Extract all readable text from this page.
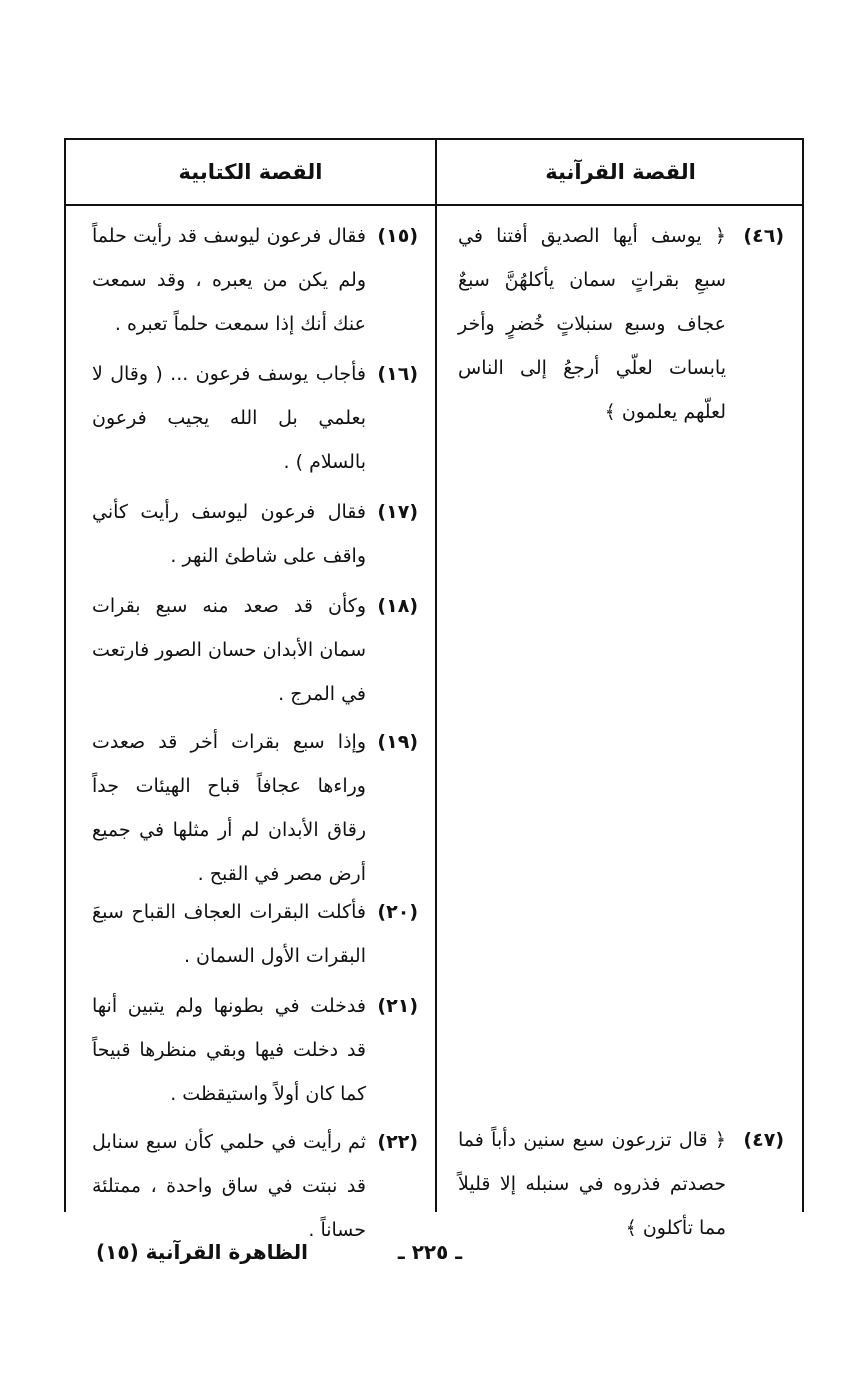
القصة القرآنية
القصة الكتابية
(٤٦)
﴿ يوسف أيها الصديق أفتنا في سبعِ بقراتٍ سمان يأكلهُنَّ سبعٌ عجاف وسبع سنبلاتٍ خُضرٍ وأخر يابسات لعلّي أرجعُ إلى الناس لعلّهم يعلمون ﴾
(٤٧)
﴿ قال تزرعون سبع سنين دأباً فما حصدتم فذروه في سنبله إلا قليلاً مما تأكلون ﴾
(١٥)
فقال فرعون ليوسف قد رأيت حلماً ولم يكن من يعبره ، وقد سمعت عنك أنك إذا سمعت حلماً تعبره .
(١٦)
فأجاب يوسف فرعون ... ( وقال لا بعلمي بل الله يجيب فرعون بالسلام ) .
(١٧)
فقال فرعون ليوسف رأيت كأني واقف على شاطئ النهر .
(١٨)
وكأن قد صعد منه سبع بقرات سمان الأبدان حسان الصور فارتعت في المرج .
(١٩)
وإذا سبع بقرات أخر قد صعدت وراءها عجافاً قباح الهيئات جداً رقاق الأبدان لم أر مثلها في جميع أرض مصر في القبح .
(٢٠)
فأكلت البقرات العجاف القباح سبعَ البقرات الأول السمان .
(٢١)
فدخلت في بطونها ولم يتبين أنها قد دخلت فيها وبقي منظرها قبيحاً كما كان أولاً واستيقظت .
(٢٢)
ثم رأيت في حلمي كأن سبع سنابل قد نبتت في ساق واحدة ، ممتلئة حساناً .
ـ ٢٢٥ ـ
الظاهرة القرآنية (١٥)
